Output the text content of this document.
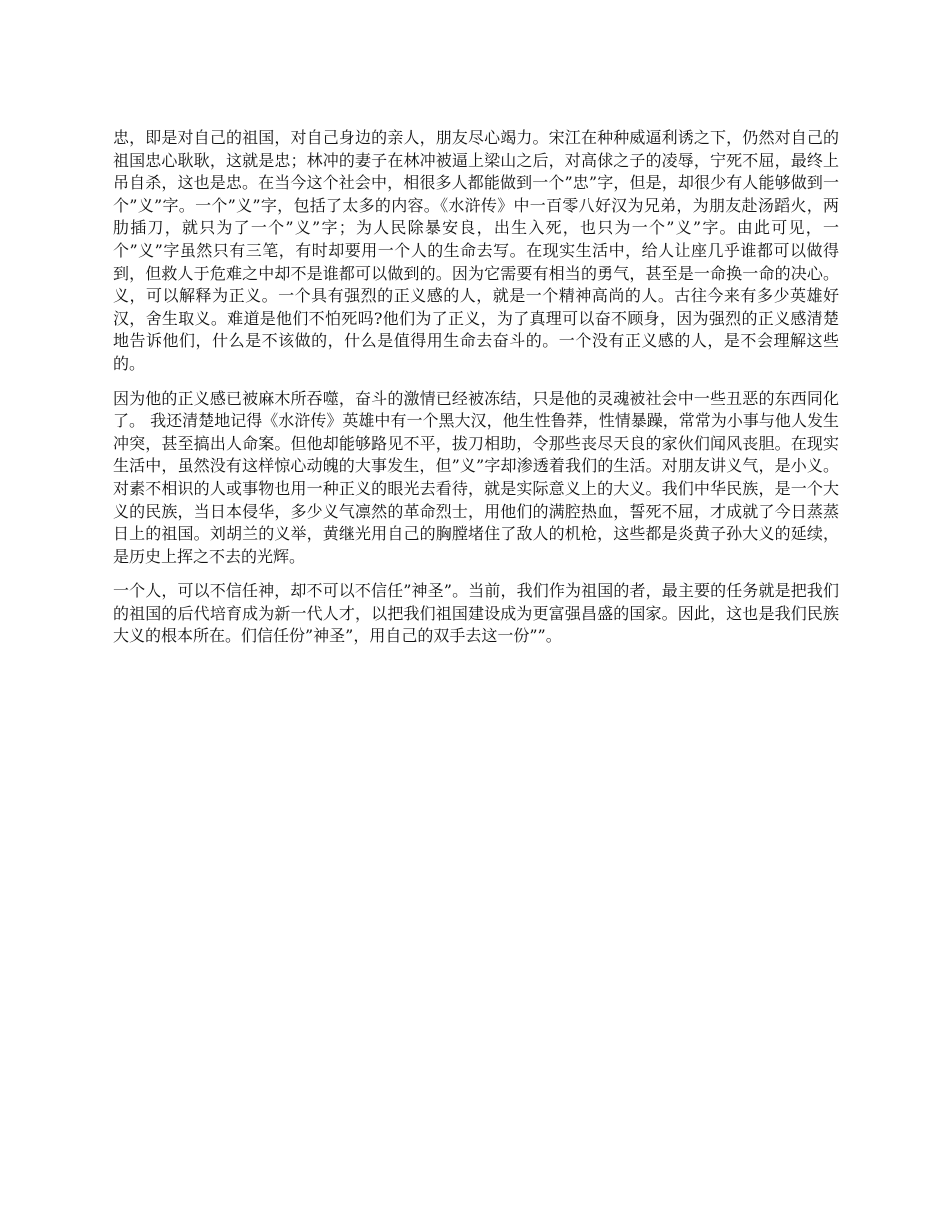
忠，即是对自己的祖国，对自己身边的亲人，朋友尽心竭力。宋江在种种威逼利诱之下，仍然对自己的祖国忠心耿耿，这就是忠；林冲的妻子在林冲被逼上梁山之后，对高俅之子的凌辱，宁死不屈，最终上吊自杀，这也是忠。在当今这个社会中，相很多人都能做到一个”忠”字，但是，却很少有人能够做到一个”义”字。一个”义”字，包括了太多的内容。《水浒传》中一百零八好汉为兄弟，为朋友赴汤蹈火，两肋插刀，就只为了一个”义”字；为人民除暴安良，出生入死，也只为一个”义”字。由此可见，一个”义”字虽然只有三笔，有时却要用一个人的生命去写。在现实生活中，给人让座几乎谁都可以做得到，但救人于危难之中却不是谁都可以做到的。因为它需要有相当的勇气，甚至是一命换一命的决心。义，可以解释为正义。一个具有强烈的正义感的人，就是一个精神高尚的人。古往今来有多少英雄好汉，舍生取义。难道是他们不怕死吗?他们为了正义，为了真理可以奋不顾身，因为强烈的正义感清楚地告诉他们，什么是不该做的，什么是值得用生命去奋斗的。一个没有正义感的人，是不会理解这些的。

因为他的正义感已被麻木所吞噬，奋斗的激情已经被冻结，只是他的灵魂被社会中一些丑恶的东西同化了。 我还清楚地记得《水浒传》英雄中有一个黑大汉，他生性鲁莽，性情暴躁，常常为小事与他人发生冲突，甚至搞出人命案。但他却能够路见不平，拔刀相助，令那些丧尽天良的家伙们闻风丧胆。在现实生活中，虽然没有这样惊心动魄的大事发生，但”义”字却渗透着我们的生活。对朋友讲义气，是小义。对素不相识的人或事物也用一种正义的眼光去看待，就是实际意义上的大义。我们中华民族，是一个大义的民族，当日本侵华，多少义气凛然的革命烈士，用他们的满腔热血，誓死不屈，才成就了今日蒸蒸日上的祖国。刘胡兰的义举，黄继光用自己的胸膛堵住了敌人的机枪，这些都是炎黄子孙大义的延续，是历史上挥之不去的光辉。

一个人，可以不信任神，却不可以不信任”神圣”。当前，我们作为祖国的者，最主要的任务就是把我们的祖国的后代培育成为新一代人才，以把我们祖国建设成为更富强昌盛的国家。因此，这也是我们民族大义的根本所在。们信任份”神圣”，用自己的双手去这一份””。
